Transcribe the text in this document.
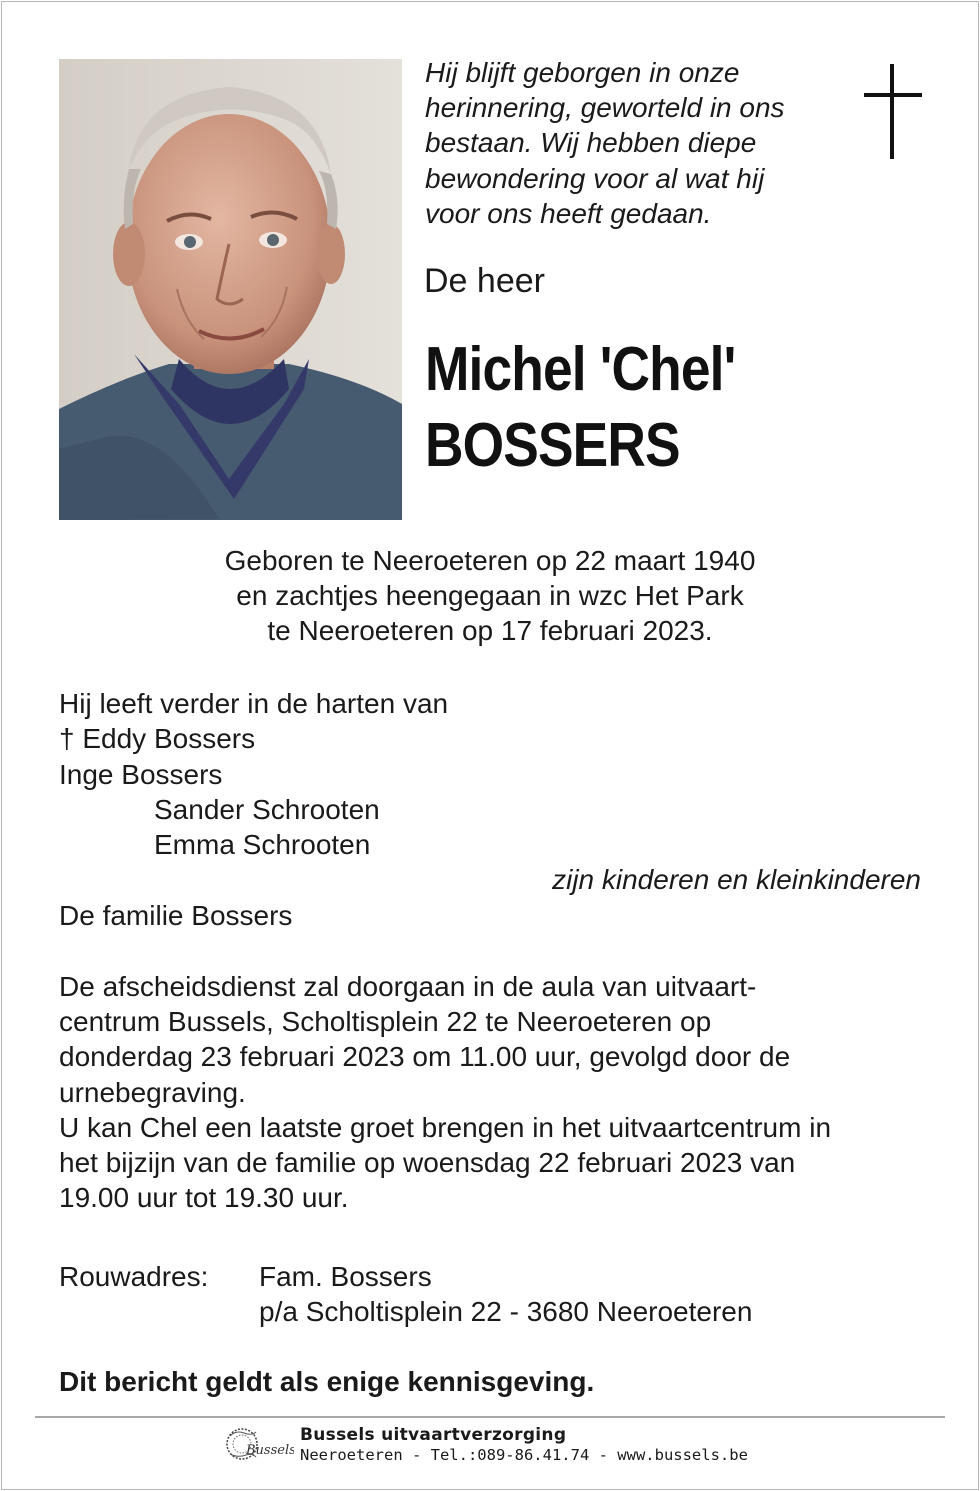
Hij blijft geborgen in onze
herinnering, geworteld in ons
bestaan. Wij hebben diepe
bewondering voor al wat hij
voor ons heeft gedaan.
De heer
Michel 'Chel'
BOSSERS
Geboren te Neeroeteren op 22 maart 1940
en zachtjes heengegaan in wzc Het Park
te Neeroeteren op 17 februari 2023.
Hij leeft verder in de harten van
† Eddy Bossers
Inge Bossers
Sander Schrooten
Emma Schrooten
zijn kinderen en kleinkinderen
De familie Bossers
De afscheidsdienst zal doorgaan in de aula van uitvaart-
centrum Bussels, Scholtisplein 22 te Neeroeteren op
donderdag 23 februari 2023 om 11.00 uur, gevolgd door de
urnebegraving.
U kan Chel een laatste groet brengen in het uitvaartcentrum in
het bijzijn van de familie op woensdag 22 februari 2023 van
19.00 uur tot 19.30 uur.
Rouwadres: Fam. Bossers
p/a Scholtisplein 22 - 3680 Neeroeteren
Dit bericht geldt als enige kennisgeving.
Bussels
Bussels uitvaartverzorging
Neeroeteren - Tel.:089-86.41.74 - www.bussels.be
